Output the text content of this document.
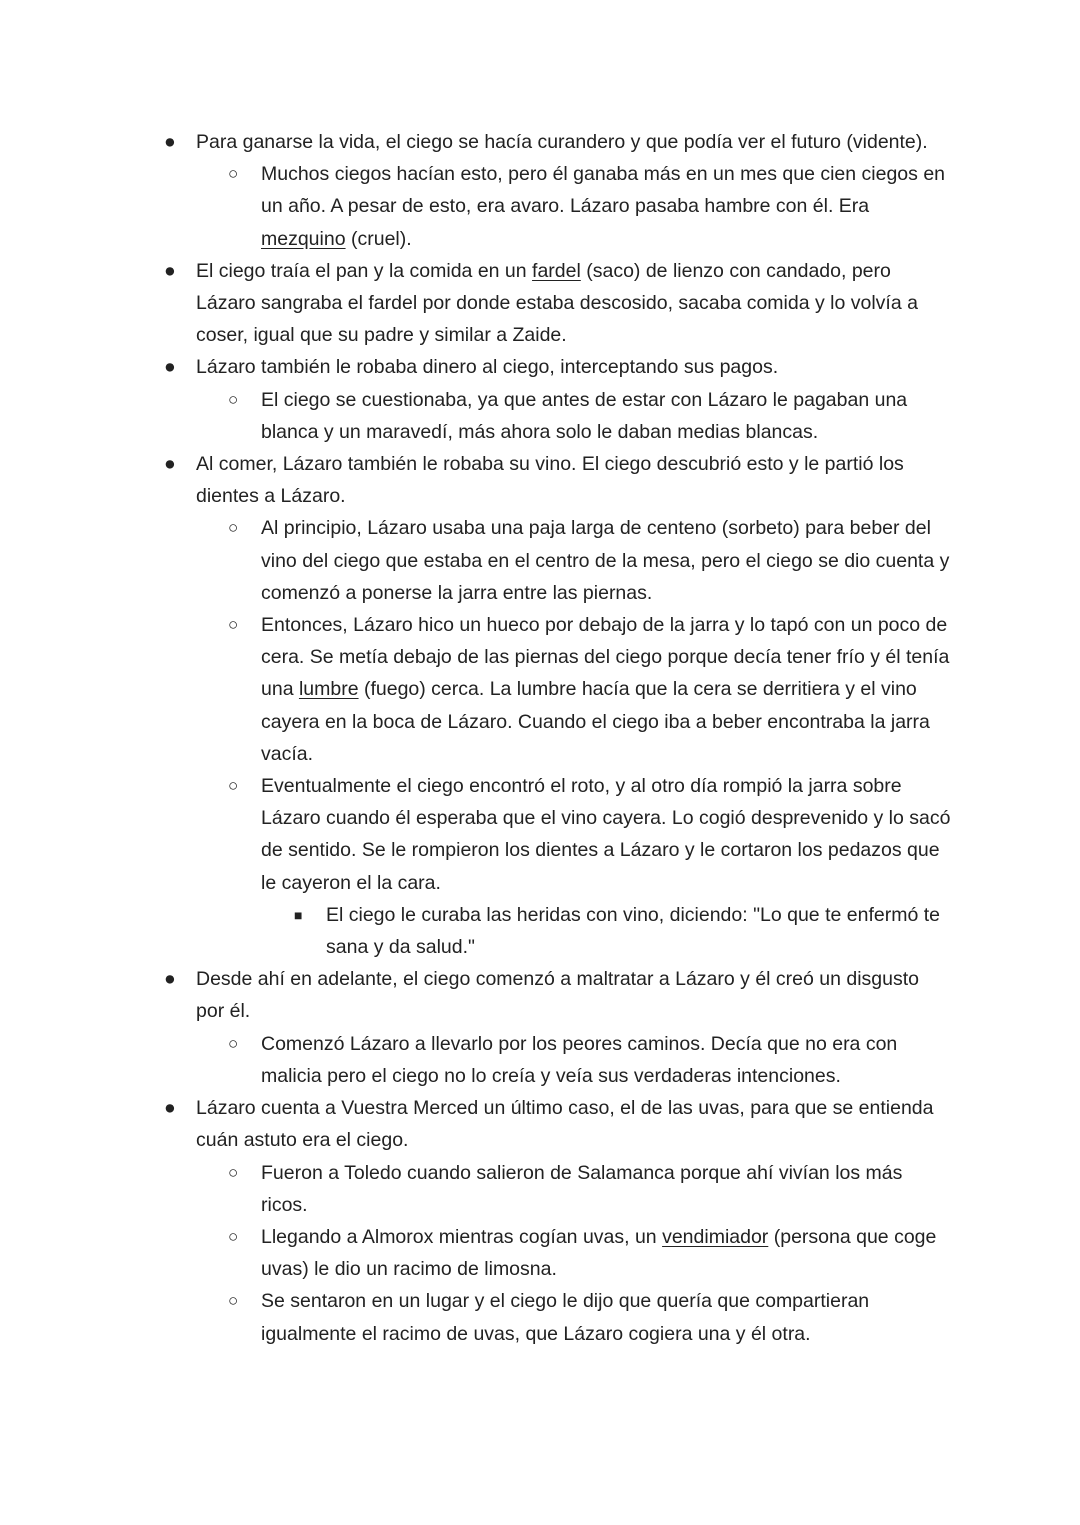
● Para ganarse la vida, el ciego se hacía curandero y que podía ver el futuro (vidente).
○ Muchos ciegos hacían esto, pero él ganaba más en un mes que cien ciegos en un año. A pesar de esto, era avaro. Lázaro pasaba hambre con él. Era mezquino (cruel).
● El ciego traía el pan y la comida en un fardel (saco) de lienzo con candado, pero Lázaro sangraba el fardel por donde estaba descosido, sacaba comida y lo volvía a coser, igual que su padre y similar a Zaide.
● Lázaro también le robaba dinero al ciego, interceptando sus pagos.
○ El ciego se cuestionaba, ya que antes de estar con Lázaro le pagaban una blanca y un maravedí, más ahora solo le daban medias blancas.
● Al comer, Lázaro también le robaba su vino. El ciego descubrió esto y le partió los dientes a Lázaro.
○ Al principio, Lázaro usaba una paja larga de centeno (sorbeto) para beber del vino del ciego que estaba en el centro de la mesa, pero el ciego se dio cuenta y comenzó a ponerse la jarra entre las piernas.
○ Entonces, Lázaro hico un hueco por debajo de la jarra y lo tapó con un poco de cera. Se metía debajo de las piernas del ciego porque decía tener frío y él tenía una lumbre (fuego) cerca. La lumbre hacía que la cera se derritiera y el vino cayera en la boca de Lázaro. Cuando el ciego iba a beber encontraba la jarra vacía.
○ Eventualmente el ciego encontró el roto, y al otro día rompió la jarra sobre Lázaro cuando él esperaba que el vino cayera. Lo cogió desprevenido y lo sacó de sentido. Se le rompieron los dientes a Lázaro y le cortaron los pedazos que le cayeron el la cara.
■ El ciego le curaba las heridas con vino, diciendo: "Lo que te enfermó te sana y da salud."
● Desde ahí en adelante, el ciego comenzó a maltratar a Lázaro y él creó un disgusto por él.
○ Comenzó Lázaro a llevarlo por los peores caminos. Decía que no era con malicia pero el ciego no lo creía y veía sus verdaderas intenciones.
● Lázaro cuenta a Vuestra Merced un último caso, el de las uvas, para que se entienda cuán astuto era el ciego.
○ Fueron a Toledo cuando salieron de Salamanca porque ahí vivían los más ricos.
○ Llegando a Almorox mientras cogían uvas, un vendimiador (persona que coge uvas) le dio un racimo de limosna.
○ Se sentaron en un lugar y el ciego le dijo que quería que compartieran igualmente el racimo de uvas, que Lázaro cogiera una y él otra.
